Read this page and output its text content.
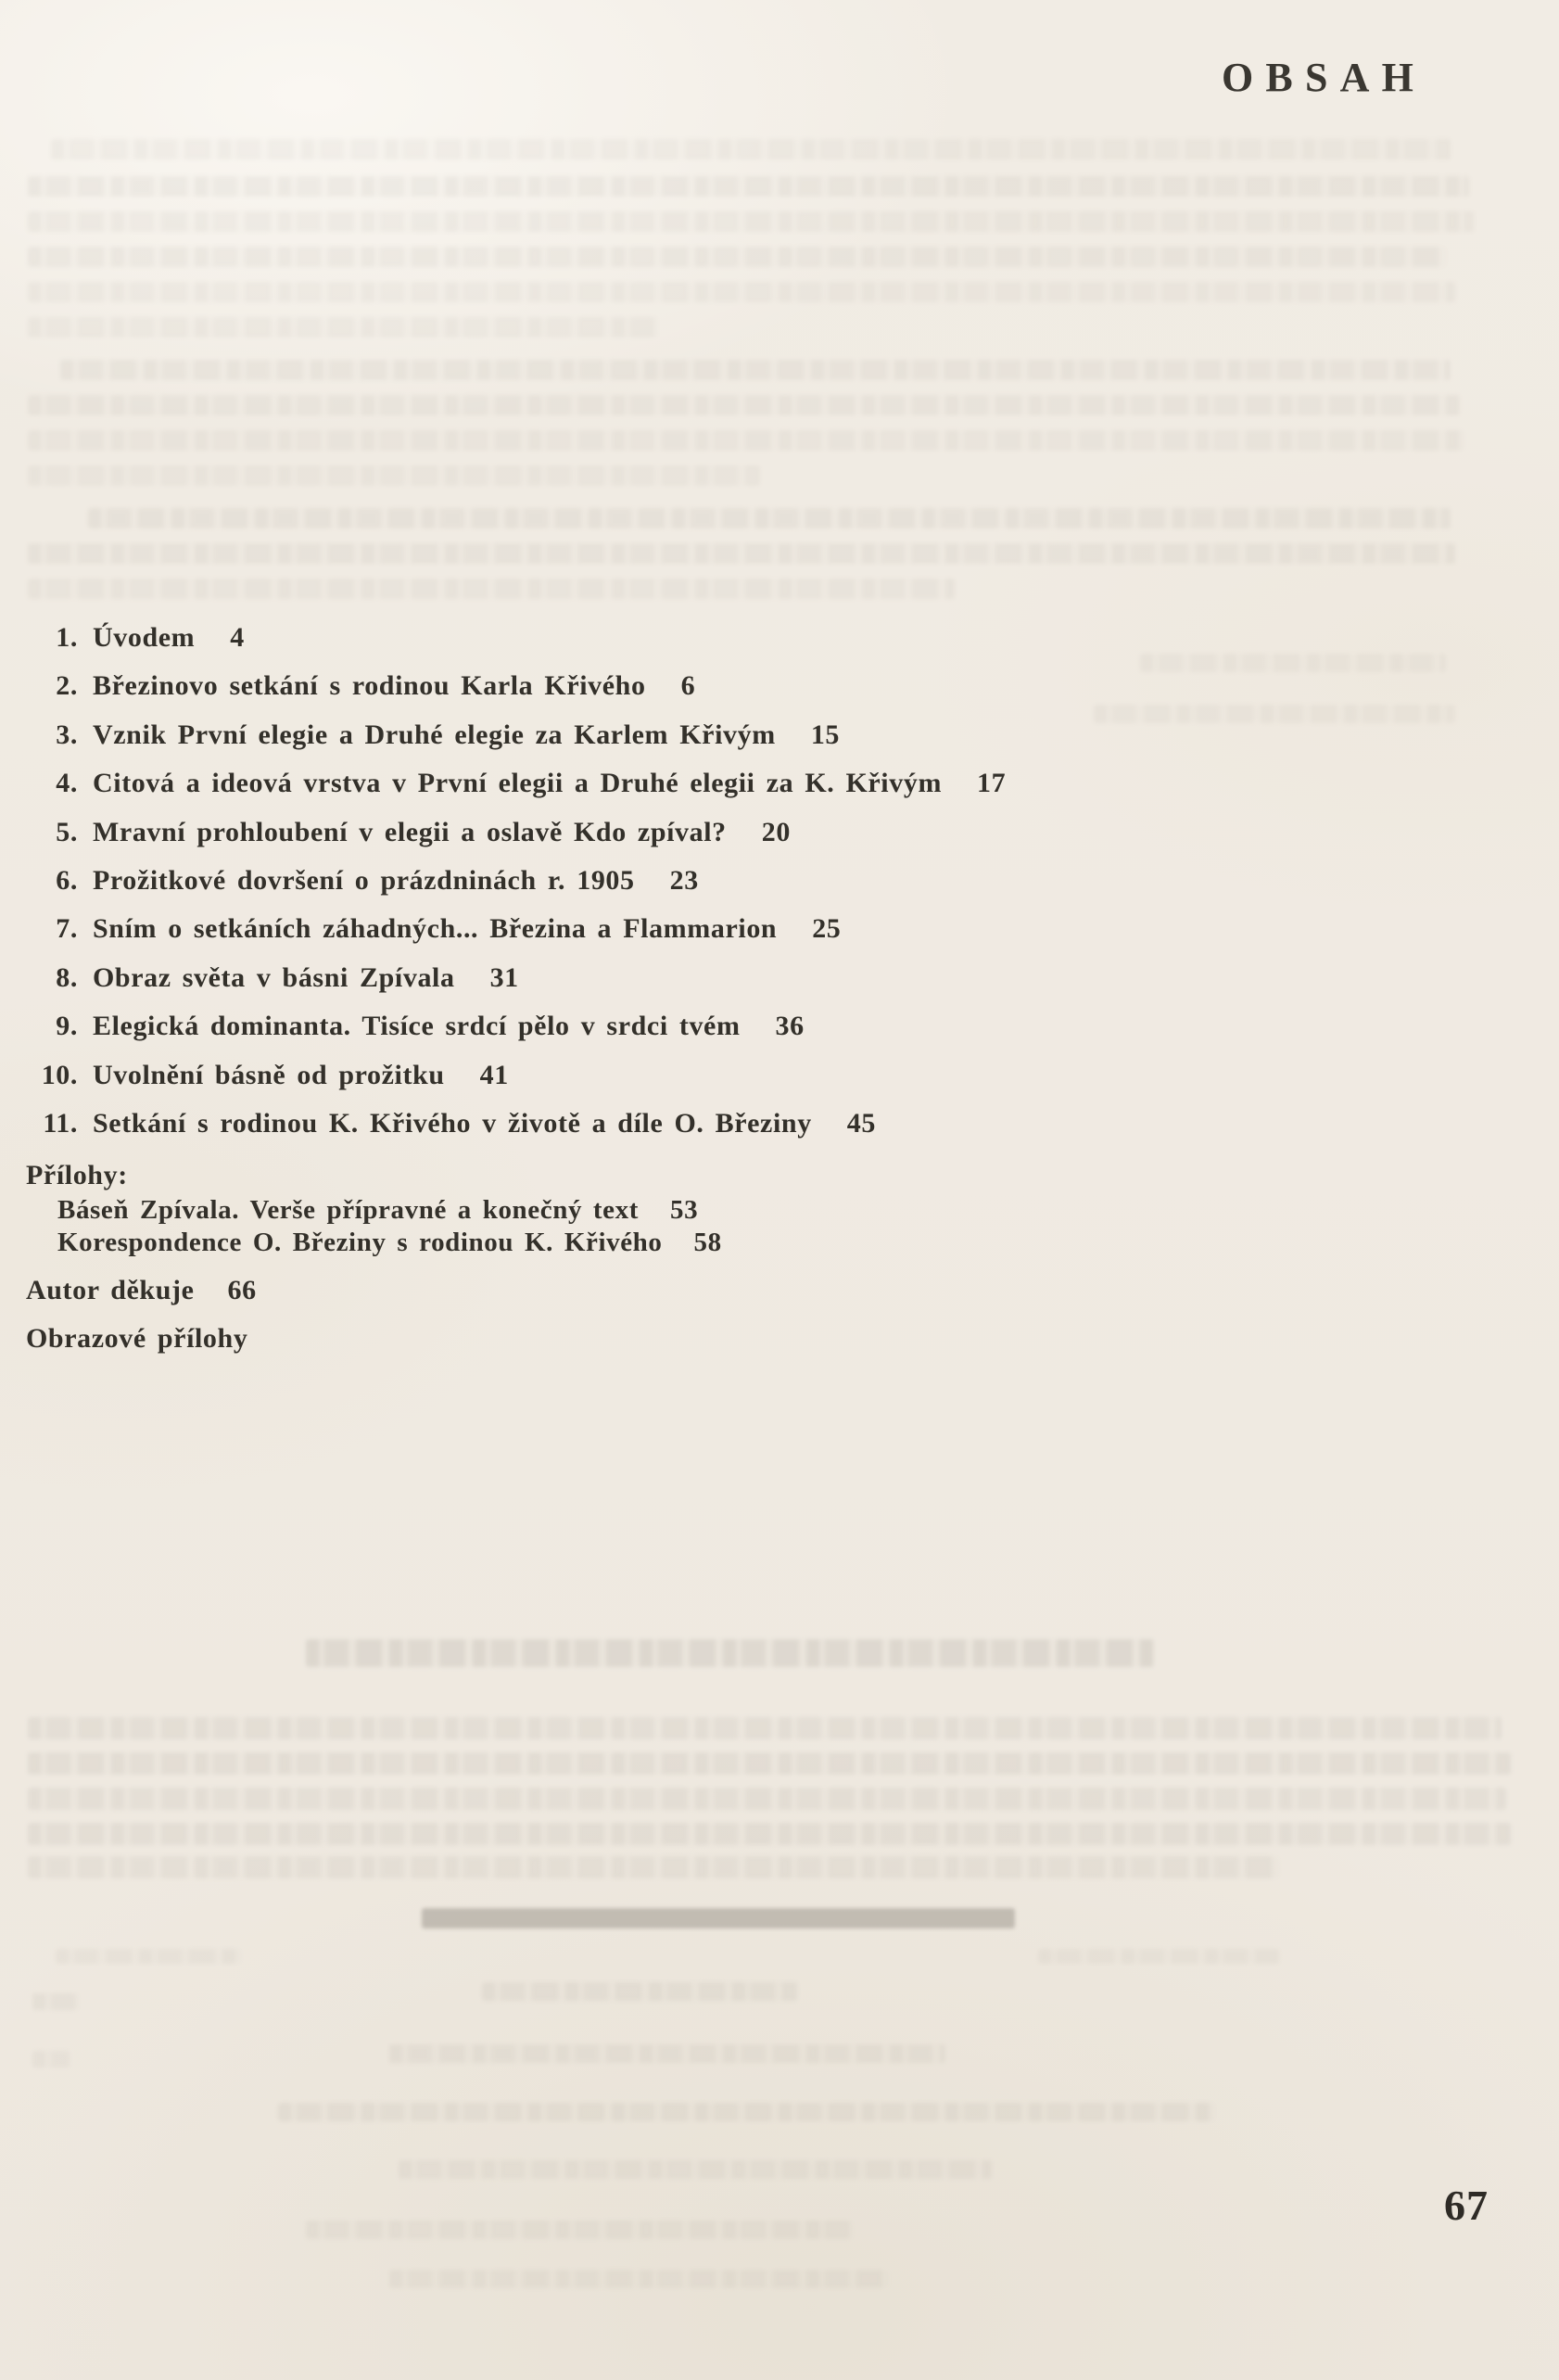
OBSAH
1. Úvodem 4
2. Březinovo setkání s rodinou Karla Křivého 6
3. Vznik První elegie a Druhé elegie za Karlem Křivým 15
4. Citová a ideová vrstva v První elegii a Druhé elegii za K. Křivým 17
5. Mravní prohloubení v elegii a oslavě Kdo zpíval? 20
6. Prožitkové dovršení o prázdninách r. 1905 23
7. Sním o setkáních záhadných... Březina a Flammarion 25
8. Obraz světa v básni Zpívala 31
9. Elegická dominanta. Tisíce srdcí pělo v srdci tvém 36
10. Uvolnění básně od prožitku 41
11. Setkání s rodinou K. Křivého v životě a díle O. Březiny 45
Přílohy:
Báseň Zpívala. Verše přípravné a konečný text 53
Korespondence O. Březiny s rodinou K. Křivého 58
Autor děkuje 66
Obrazové přílohy
67
